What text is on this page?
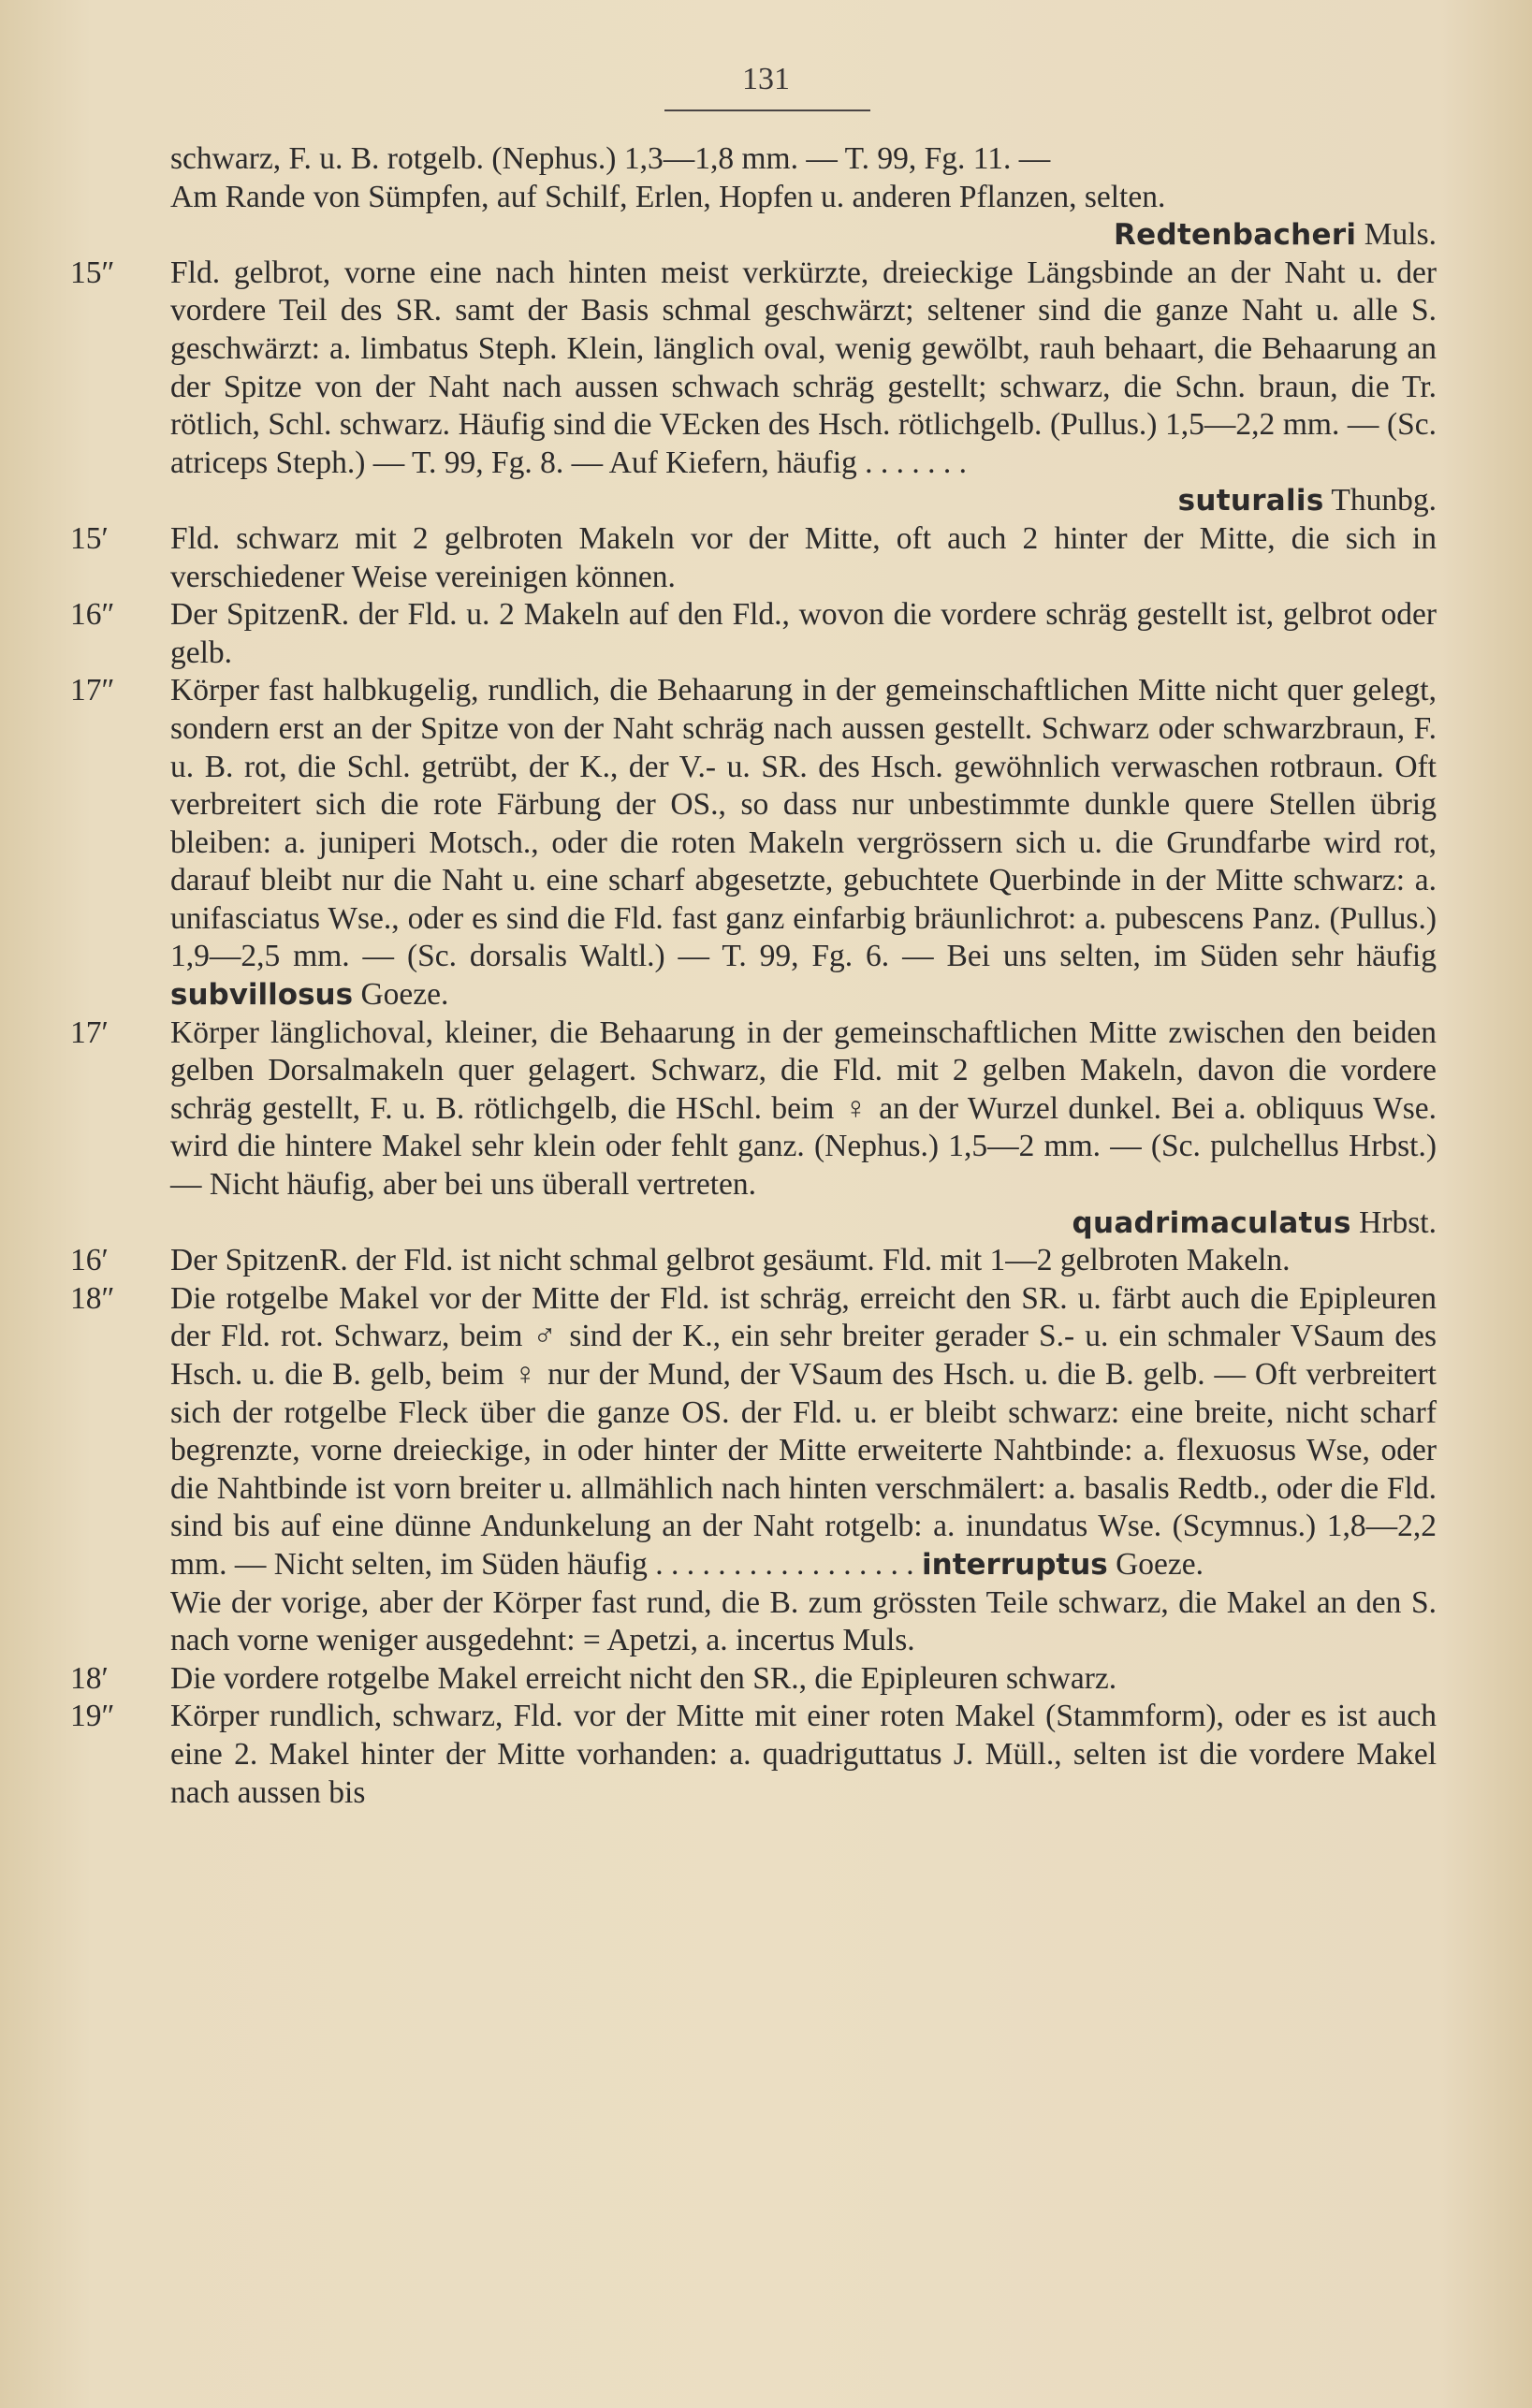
131
schwarz, F. u. B. rotgelb. (Nephus.) 1,3—1,8 mm. — T. 99, Fg. 11. —
Am Rande von Sümpfen, auf Schilf, Erlen, Hopfen u. anderen Pflanzen, selten.
Redtenbacheri Muls.
15″	Fld. gelbrot, vorne eine nach hinten meist verkürzte, dreieckige Längsbinde an der Naht u. der vordere Teil des SR. samt der Basis schmal geschwärzt; seltener sind die ganze Naht u. alle S. geschwärzt: a. limbatus Steph. Klein, länglich oval, wenig gewölbt, rauh behaart, die Behaarung an der Spitze von der Naht nach aussen schwach schräg gestellt; schwarz, die Schn. braun, die Tr. rötlich, Schl. schwarz. Häufig sind die VEcken des Hsch. rötlichgelb. (Pullus.) 1,5—2,2 mm. — (Sc. atriceps Steph.) — T. 99, Fg. 8. — Auf Kiefern, häufig . . . . . . .
suturalis Thunbg.
15′	Fld. schwarz mit 2 gelbroten Makeln vor der Mitte, oft auch 2 hinter der Mitte, die sich in verschiedener Weise vereinigen können.
16″	Der SpitzenR. der Fld. u. 2 Makeln auf den Fld., wovon die vordere schräg gestellt ist, gelbrot oder gelb.
17″	Körper fast halbkugelig, rundlich, die Behaarung in der gemeinschaftlichen Mitte nicht quer gelegt, sondern erst an der Spitze von der Naht schräg nach aussen gestellt. Schwarz oder schwarzbraun, F. u. B. rot, die Schl. getrübt, der K., der V.- u. SR. des Hsch. gewöhnlich verwaschen rotbraun. Oft verbreitert sich die rote Färbung der OS., so dass nur unbestimmte dunkle quere Stellen übrig bleiben: a. juniperi Motsch., oder die roten Makeln vergrössern sich u. die Grundfarbe wird rot, darauf bleibt nur die Naht u. eine scharf abgesetzte, gebuchtete Querbinde in der Mitte schwarz: a. unifasciatus Wse., oder es sind die Fld. fast ganz einfarbig bräunlichrot: a. pubescens Panz. (Pullus.) 1,9—2,5 mm. — (Sc. dorsalis Waltl.) — T. 99, Fg. 6. — Bei uns selten, im Süden sehr häufig subvillosus Goeze.
17′	Körper länglichoval, kleiner, die Behaarung in der gemeinschaftlichen Mitte zwischen den beiden gelben Dorsalmakeln quer gelagert. Schwarz, die Fld. mit 2 gelben Makeln, davon die vordere schräg gestellt, F. u. B. rötlichgelb, die HSchl. beim ♀ an der Wurzel dunkel. Bei a. obliquus Wse. wird die hintere Makel sehr klein oder fehlt ganz. (Nephus.) 1,5—2 mm. — (Sc. pulchellus Hrbst.) — Nicht häufig, aber bei uns überall vertreten.
quadrimaculatus Hrbst.
16′	Der SpitzenR. der Fld. ist nicht schmal gelbrot gesäumt. Fld. mit 1—2 gelbroten Makeln.
18″	Die rotgelbe Makel vor der Mitte der Fld. ist schräg, erreicht den SR. u. färbt auch die Epipleuren der Fld. rot. Schwarz, beim ♂ sind der K., ein sehr breiter gerader S.- u. ein schmaler VSaum des Hsch. u. die B. gelb, beim ♀ nur der Mund, der VSaum des Hsch. u. die B. gelb. — Oft verbreitert sich der rotgelbe Fleck über die ganze OS. der Fld. u. er bleibt schwarz: eine breite, nicht scharf begrenzte, vorne dreieckige, in oder hinter der Mitte erweiterte Nahtbinde: a. flexuosus Wse, oder die Nahtbinde ist vorn breiter u. allmählich nach hinten verschmälert: a. basalis Redtb., oder die Fld. sind bis auf eine dünne Andunkelung an der Naht rotgelb: a. inundatus Wse. (Scymnus.) 1,8—2,2 mm. — Nicht selten, im Süden häufig . . . . . . . . . . . . . . . . . interruptus Goeze.
Wie der vorige, aber der Körper fast rund, die B. zum grössten Teile schwarz, die Makel an den S. nach vorne weniger ausgedehnt: = Apetzi, a. incertus Muls.
18′	Die vordere rotgelbe Makel erreicht nicht den SR., die Epipleuren schwarz.
19″	Körper rundlich, schwarz, Fld. vor der Mitte mit einer roten Makel (Stammform), oder es ist auch eine 2. Makel hinter der Mitte vorhanden: a. quadriguttatus J. Müll., selten ist die vordere Makel nach aussen bis
